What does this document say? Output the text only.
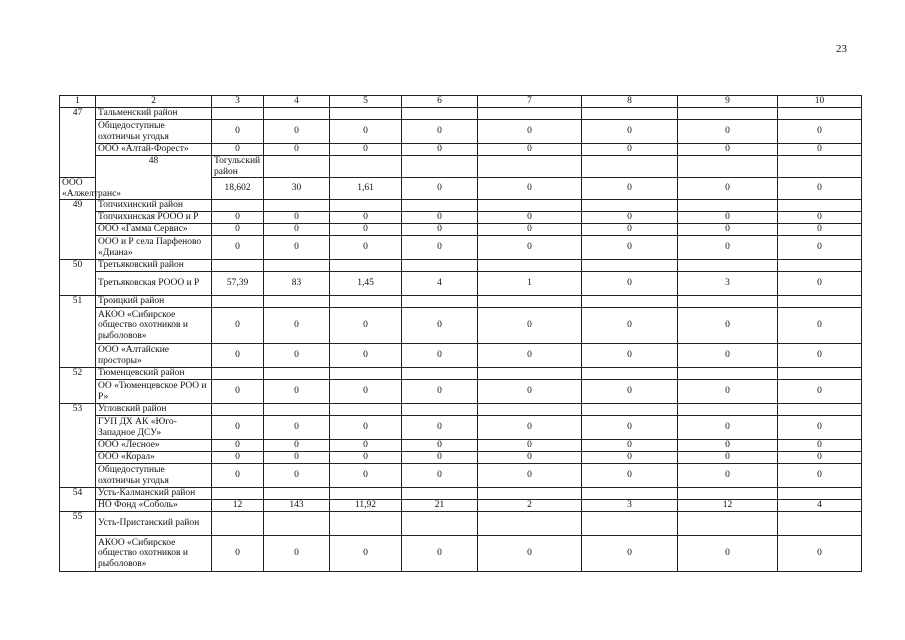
23
1	2	3	4	5	6	7	8	9	10	
47	Тальменский район									
	Общедоступные охотничьи угодья	0	0	0	0	0	0	0	0	
	ООО «Алтай-Форест»	0	0	0	0	0	0	0	0	
	48	Тогульский район								
ООО «Алжелтранс»		18,602	30	1,61	0	0	0	0	0	
49	Топчихинский район									
	Топчихинская РООО и Р	0	0	0	0	0	0	0	0	
	ООО «Гамма Сервис»	0	0	0	0	0	0	0	0	
	ООО и Р села Парфеново «Диана»	0	0	0	0	0	0	0	0	
50	Третьяковский район									
	Третьяковская РООО и Р	57,39	83	1,45	4	1	0	3	0	
51	Троицкий район									
	АКОО «Сибирское общество охотников и рыболовов»	0	0	0	0	0	0	0	0	
	ООО «Алтайские просторы»	0	0	0	0	0	0	0	0	
52	Тюменцевский район									
	ОО «Тюменцевское РОО и Р»	0	0	0	0	0	0	0	0	
53	Угловский район									
	ГУП ДХ АК «Юго-Западное ДСУ»	0	0	0	0	0	0	0	0	
	ООО «Лесное»	0	0	0	0	0	0	0	0	
	ООО «Корал»	0	0	0	0	0	0	0	0	
	Общедоступные охотничьи угодья	0	0	0	0	0	0	0	0	
54	Усть-Калманский район									
	НО Фонд «Соболь»	12	143	11,92	21	2	3	12	4	
55	Усть-Пристанский район									
	АКОО «Сибирское общество охотников и рыболовов»	0	0	0	0	0	0	0	0	
